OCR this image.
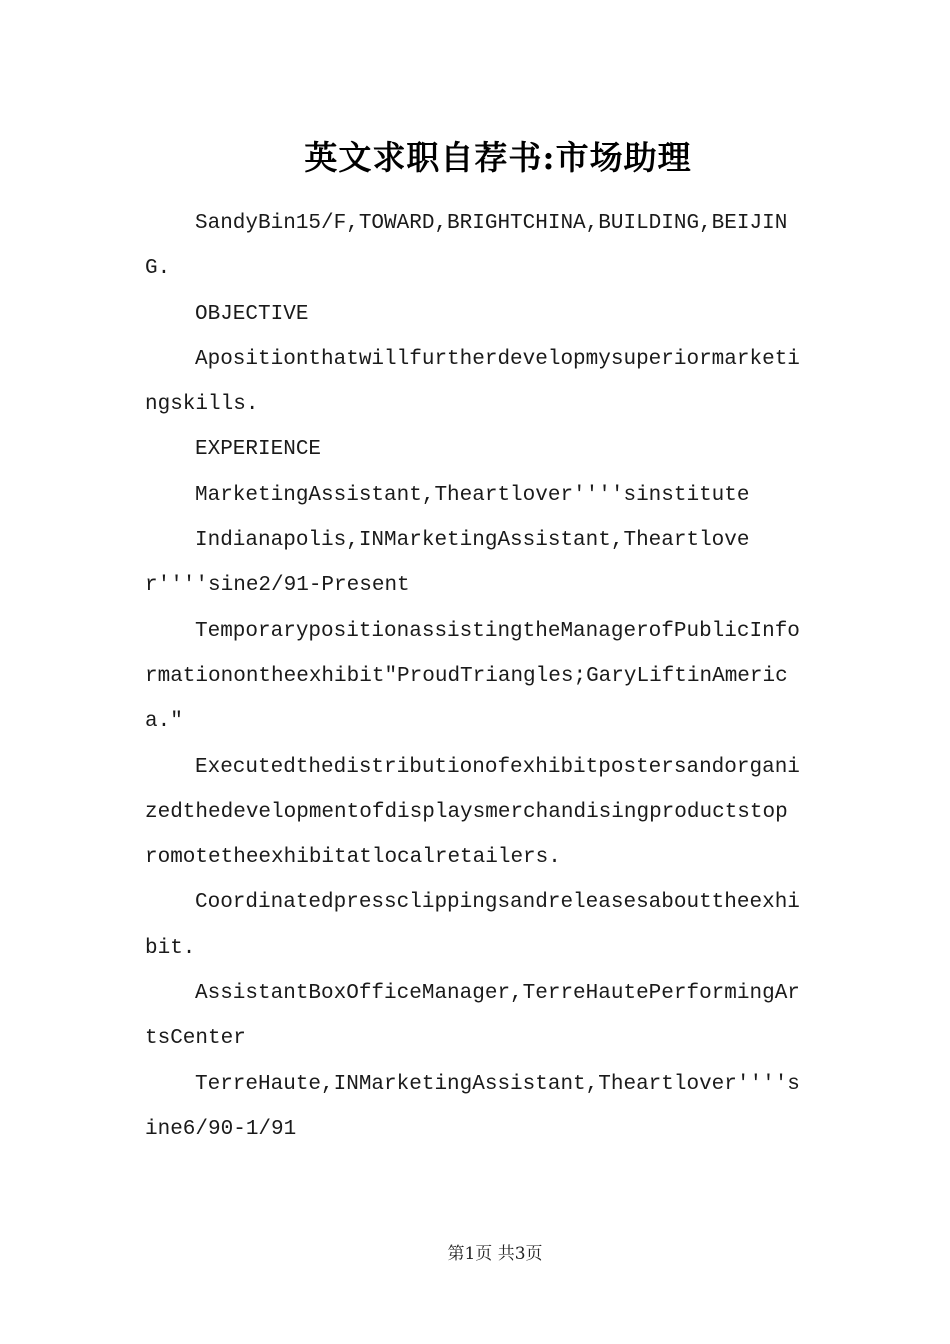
英文求职自荐书:市场助理

SandyBin15/F,TOWARD,BRIGHTCHINA,BUILDING,BEIJING.

OBJECTIVE

Apositionthatwillfurtherdevelopmysuperiormarketingskills.

EXPERIENCE

MarketingAssistant,Theartlover''''sinstitute

Indianapolis,INMarketingAssistant,Theartlover''''sine2/91-Present

TemporarypositionassistingtheManagerofPublicInformationontheexhibit"ProudTriangles;GaryLiftinAmerica."

Executedthedistributionofexhibitpostersandorganizedthedevelopmentofdisplaysmerchandisingproductstopromotetheexhibitatlocalretailers.

Coordinatedpressclippingsandreleasesabouttheexhibit.

AssistantBoxOfficeManager,TerreHautePerformingArtsCenter

TerreHaute,INMarketingAssistant,Theartlover''''sine6/90-1/91

第1页 共3页
